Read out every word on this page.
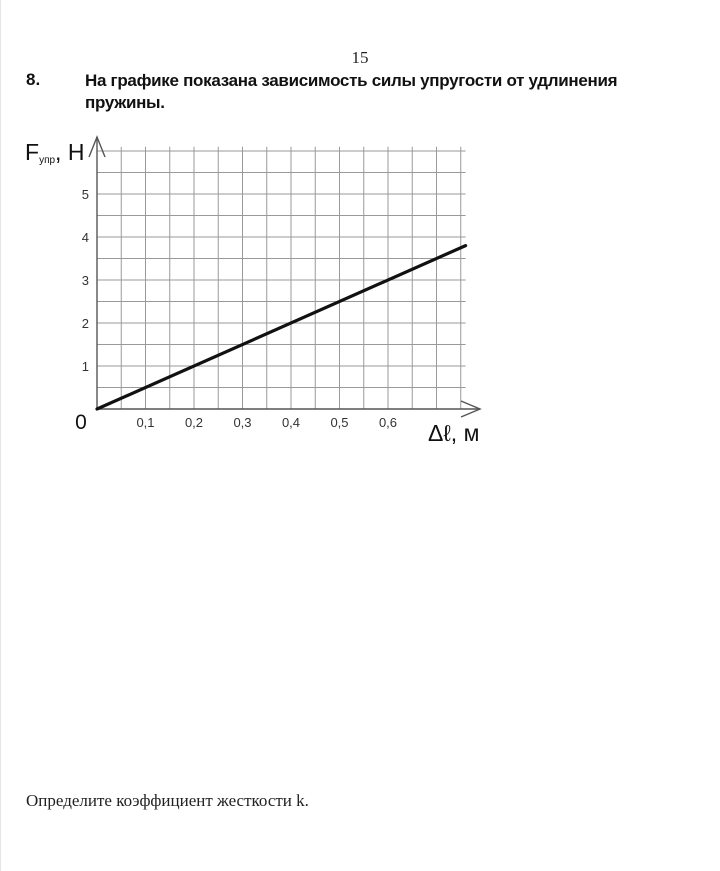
15
8.	На графике показана зависимость силы упругости от удлинения пружины.
0,1 0,2 0,3 0,4 0,5 0,6
1
2
3
4
5
0
Fупр, Н
Δℓ, м
Определите коэффициент жесткости k.
